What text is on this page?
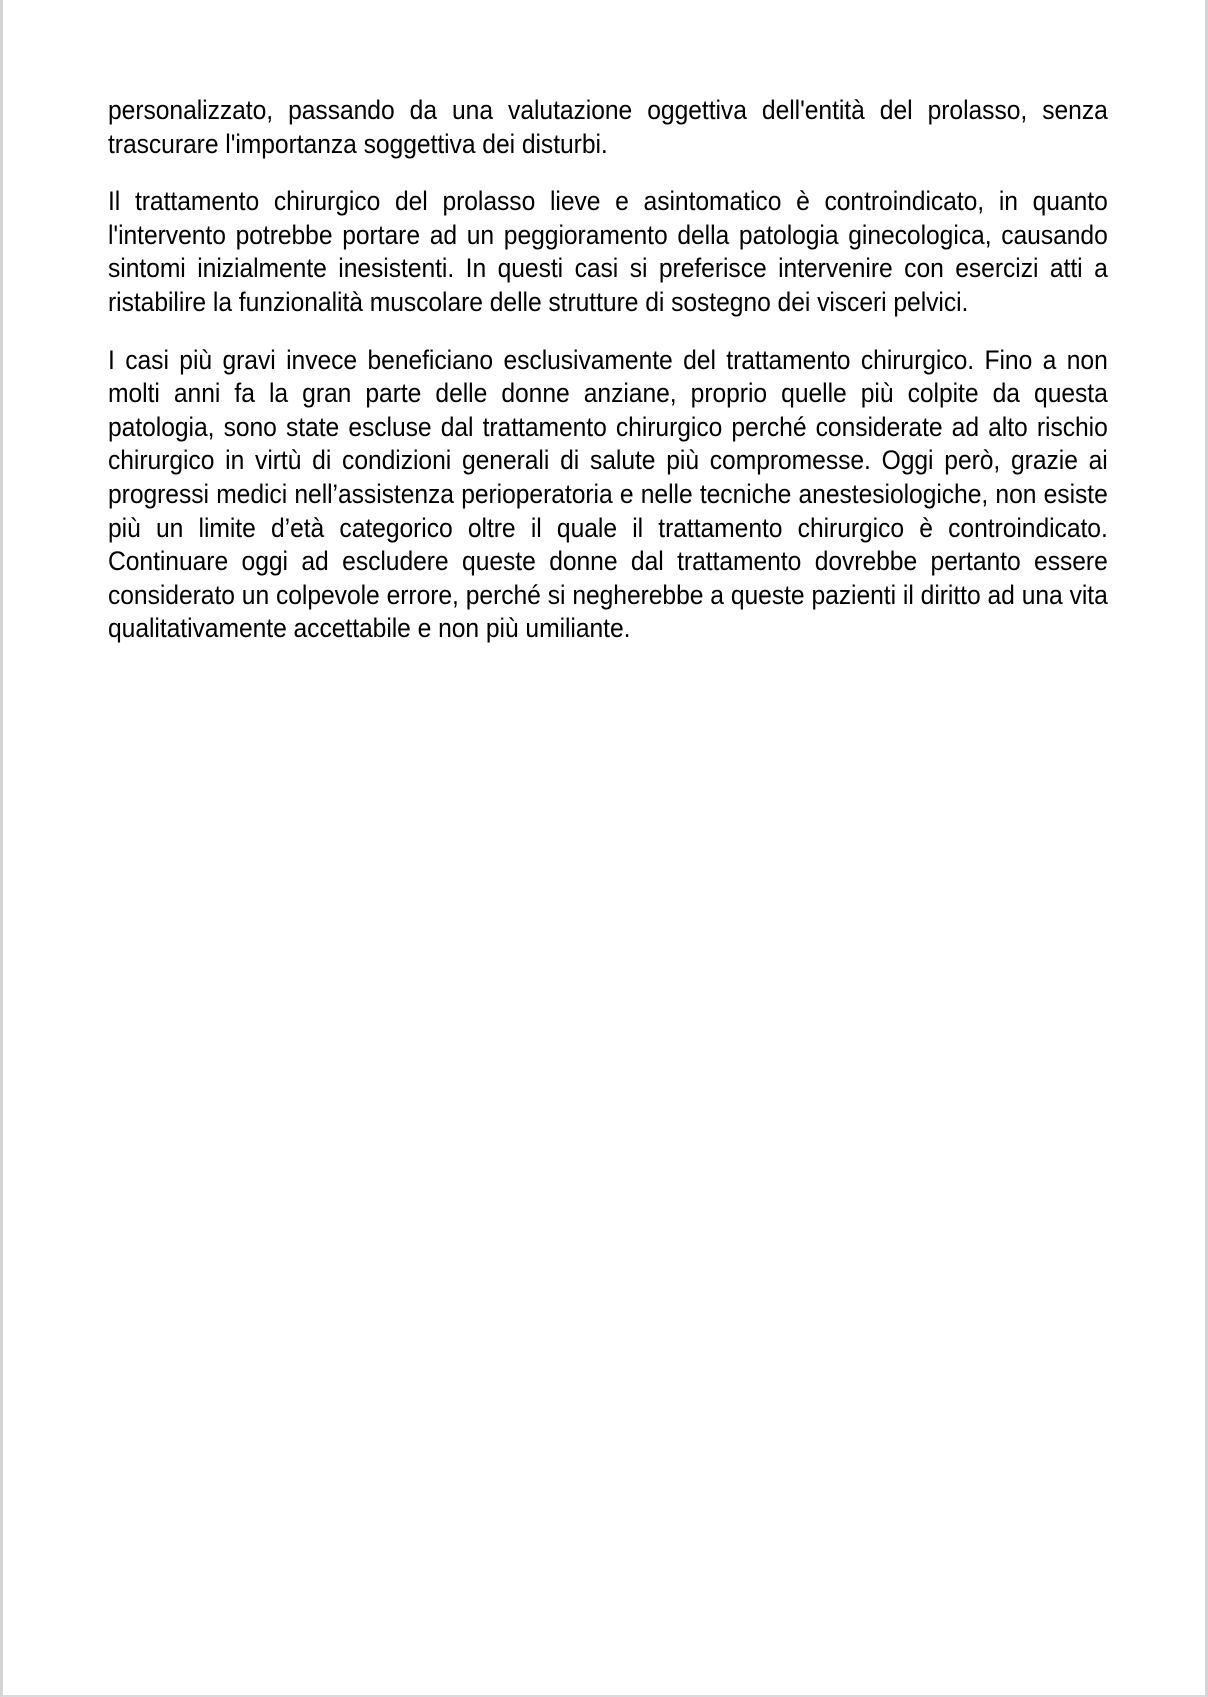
personalizzato, passando da una valutazione oggettiva dell'entità del prolasso, senza trascurare l'importanza soggettiva dei disturbi.

Il trattamento chirurgico del prolasso lieve e asintomatico è controindicato, in quanto l'intervento potrebbe portare ad un peggioramento della patologia ginecologica, causando sintomi inizialmente inesistenti. In questi casi si preferisce intervenire con esercizi atti a ristabilire la funzionalità muscolare delle strutture di sostegno dei visceri pelvici.

I casi più gravi invece beneficiano esclusivamente del trattamento chirurgico. Fino a non molti anni fa la gran parte delle donne anziane, proprio quelle più colpite da questa patologia, sono state escluse dal trattamento chirurgico perché considerate ad alto rischio chirurgico in virtù di condizioni generali di salute più compromesse. Oggi però, grazie ai progressi medici nell’assistenza perioperatoria e nelle tecniche anestesiologiche, non esiste più un limite d’età categorico oltre il quale il trattamento chirurgico è controindicato. Continuare oggi ad escludere queste donne dal trattamento dovrebbe pertanto essere considerato un colpevole errore, perché si negherebbe a queste pazienti il diritto ad una vita qualitativamente accettabile e non più umiliante.
